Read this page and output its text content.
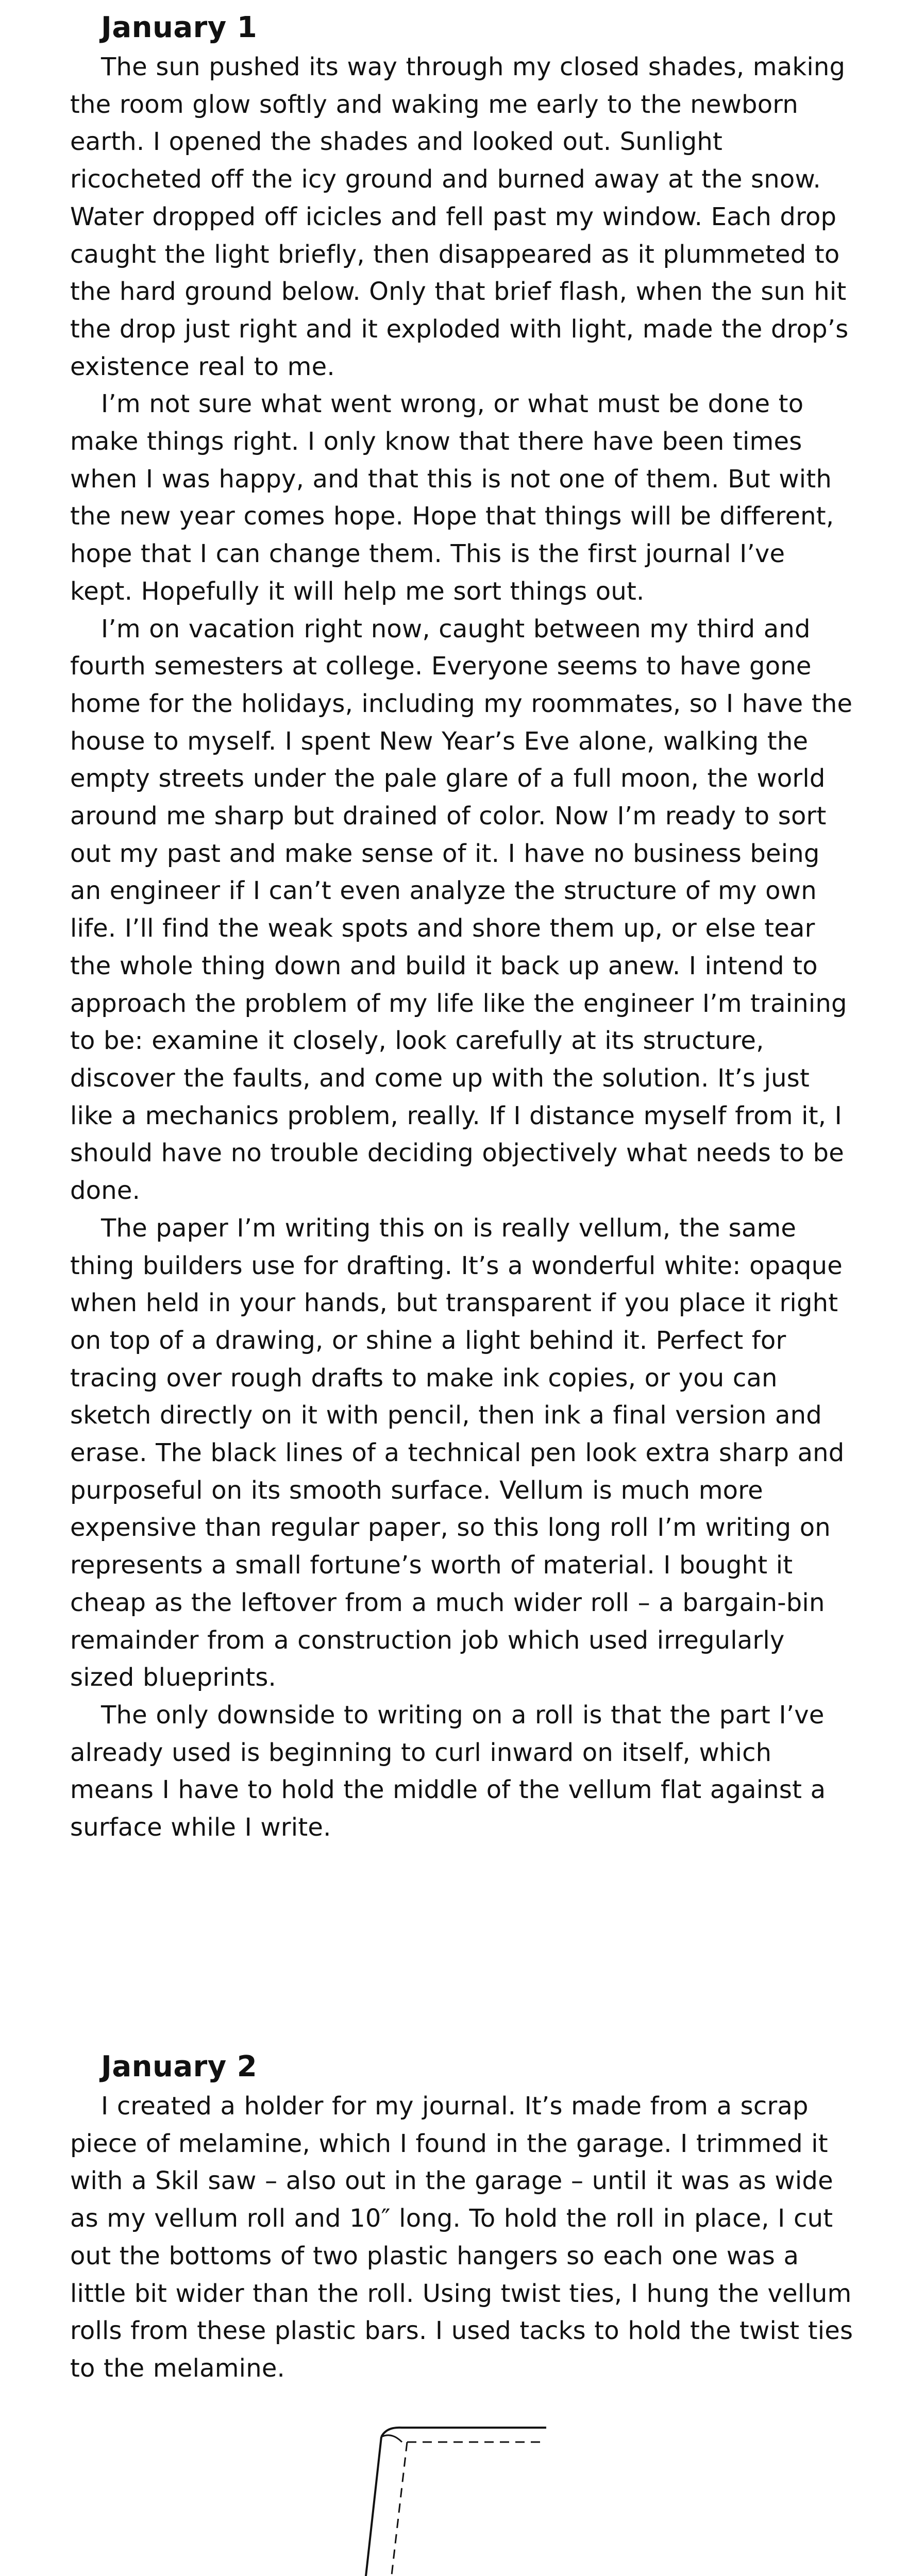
January 1

The sun pushed its way through my closed shades, making the room glow softly and waking me early to the newborn earth. I opened the shades and looked out. Sunlight ricocheted off the icy ground and burned away at the snow. Water dropped off icicles and fell past my window. Each drop caught the light briefly, then disappeared as it plummeted to the hard ground below. Only that brief flash, when the sun hit the drop just right and it exploded with light, made the drop’s existence real to me.

I’m not sure what went wrong, or what must be done to make things right. I only know that there have been times when I was happy, and that this is not one of them. But with the new year comes hope. Hope that things will be different, hope that I can change them. This is the first journal I’ve kept. Hopefully it will help me sort things out.

I’m on vacation right now, caught between my third and fourth semesters at college. Everyone seems to have gone home for the holidays, including my roommates, so I have the house to myself. I spent New Year’s Eve alone, walking the empty streets under the pale glare of a full moon, the world around me sharp but drained of color. Now I’m ready to sort out my past and make sense of it. I have no business being an engineer if I can’t even analyze the structure of my own life. I’ll find the weak spots and shore them up, or else tear the whole thing down and build it back up anew. I intend to approach the problem of my life like the engineer I’m training to be: examine it closely, look carefully at its structure, discover the faults, and come up with the solution. It’s just like a mechanics problem, really. If I distance myself from it, I should have no trouble deciding objectively what needs to be done.

The paper I’m writing this on is really vellum, the same thing builders use for drafting. It’s a wonderful white: opaque when held in your hands, but transparent if you place it right on top of a drawing, or shine a light behind it. Perfect for tracing over rough drafts to make ink copies, or you can sketch directly on it with pencil, then ink a final version and erase. The black lines of a technical pen look extra sharp and purposeful on its smooth surface. Vellum is much more expensive than regular paper, so this long roll I’m writing on represents a small fortune’s worth of material. I bought it cheap as the leftover from a much wider roll – a bargain-bin remainder from a construction job which used irregularly sized blueprints.

The only downside to writing on a roll is that the part I’ve already used is beginning to curl inward on itself, which means I have to hold the middle of the vellum flat against a surface while I write.

January 2

I created a holder for my journal. It’s made from a scrap piece of melamine, which I found in the garage. I trimmed it with a Skil saw – also out in the garage – until it was as wide as my vellum roll and 10″ long. To hold the roll in place, I cut out the bottoms of two plastic hangers so each one was a little bit wider than the roll. Using twist ties, I hung the vellum rolls from these plastic bars. I used tacks to hold the twist ties to the melamine.
